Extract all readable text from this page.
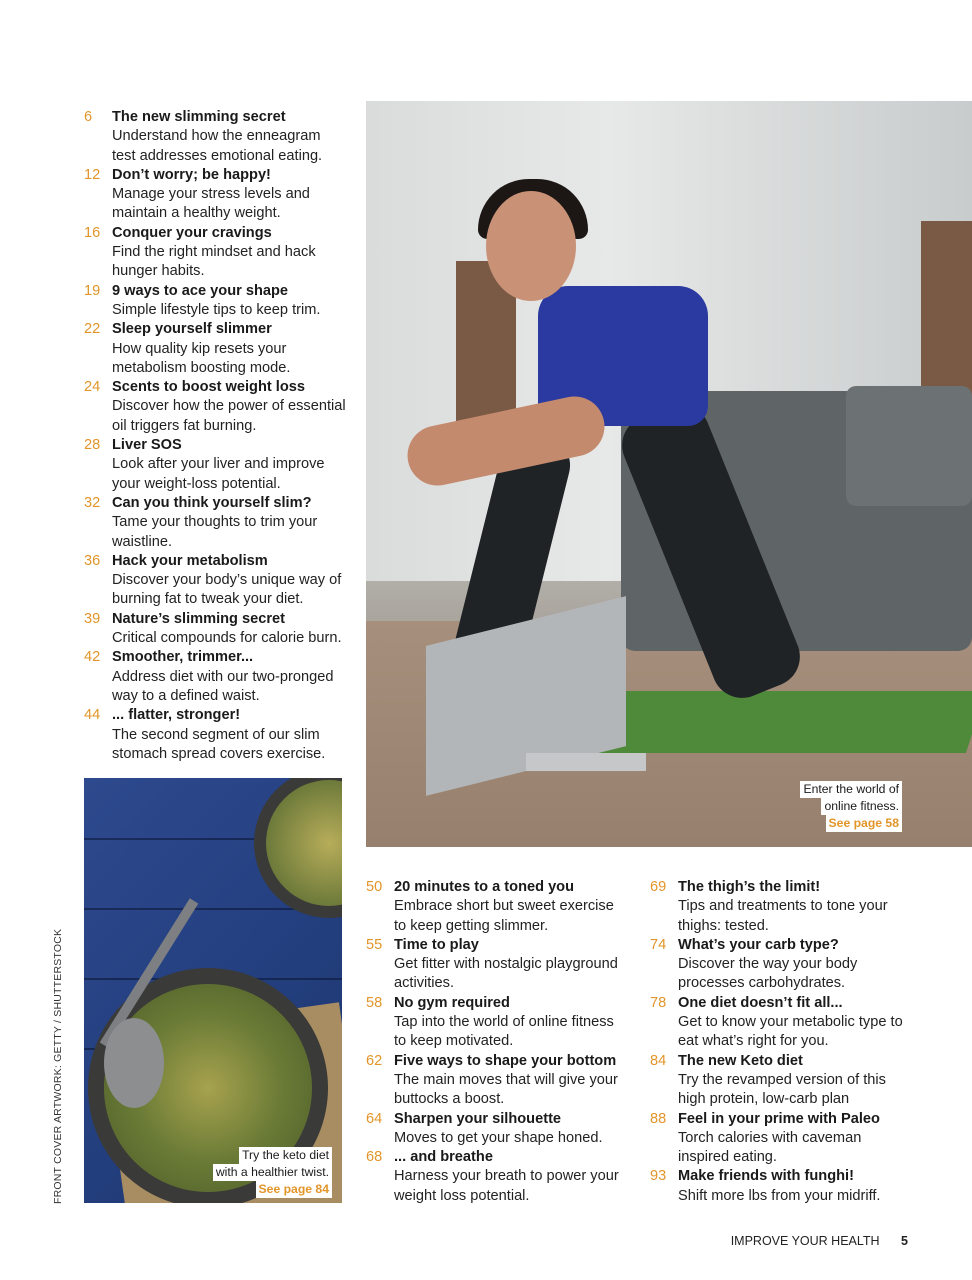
6	The new slimming secret
Understand how the enneagram test addresses emotional eating.
12 Don’t worry; be happy!
Manage your stress levels and maintain a healthy weight.
16 Conquer your cravings
Find the right mindset and hack hunger habits.
19 9 ways to ace your shape
Simple lifestyle tips to keep trim.
22 Sleep yourself slimmer
How quality kip resets your metabolism boosting mode.
24 Scents to boost weight loss
Discover how the power of essential oil triggers fat burning.
28 Liver SOS
Look after your liver and improve your weight-loss potential.
32 Can you think yourself slim?
Tame your thoughts to trim your waistline.
36 Hack your metabolism
Discover your body’s unique way of burning fat to tweak your diet.
39 Nature’s slimming secret
Critical compounds for calorie burn.
42 Smoother, trimmer...
Address diet with our two-pronged way to a defined waist.
44 ... flatter, stronger!
The second segment of our slim stomach spread covers exercise.
Enter the world of
online fitness.
See page 58
Try the keto diet
with a healthier twist.
See page 84
FRONT COVER ARTWORK: GETTY / SHUTTERSTOCK
50 20 minutes to a toned you
Embrace short but sweet exercise to keep getting slimmer.
55 Time to play
Get fitter with nostalgic playground activities.
58 No gym required
Tap into the world of online fitness to keep motivated.
62 Five ways to shape your bottom
The main moves that will give your buttocks a boost.
64 Sharpen your silhouette
Moves to get your shape honed.
68 ... and breathe
Harness your breath to power your weight loss potential.
69 The thigh’s the limit!
Tips and treatments to tone your thighs: tested.
74 What’s your carb type?
Discover the way your body processes carbohydrates.
78 One diet doesn’t fit all...
Get to know your metabolic type to eat what’s right for you.
84 The new Keto diet
Try the revamped version of this high protein, low-carb plan
88 Feel in your prime with Paleo
Torch calories with caveman inspired eating.
93 Make friends with funghi!
Shift more lbs from your midriff.
IMPROVE YOUR HEALTH 5
